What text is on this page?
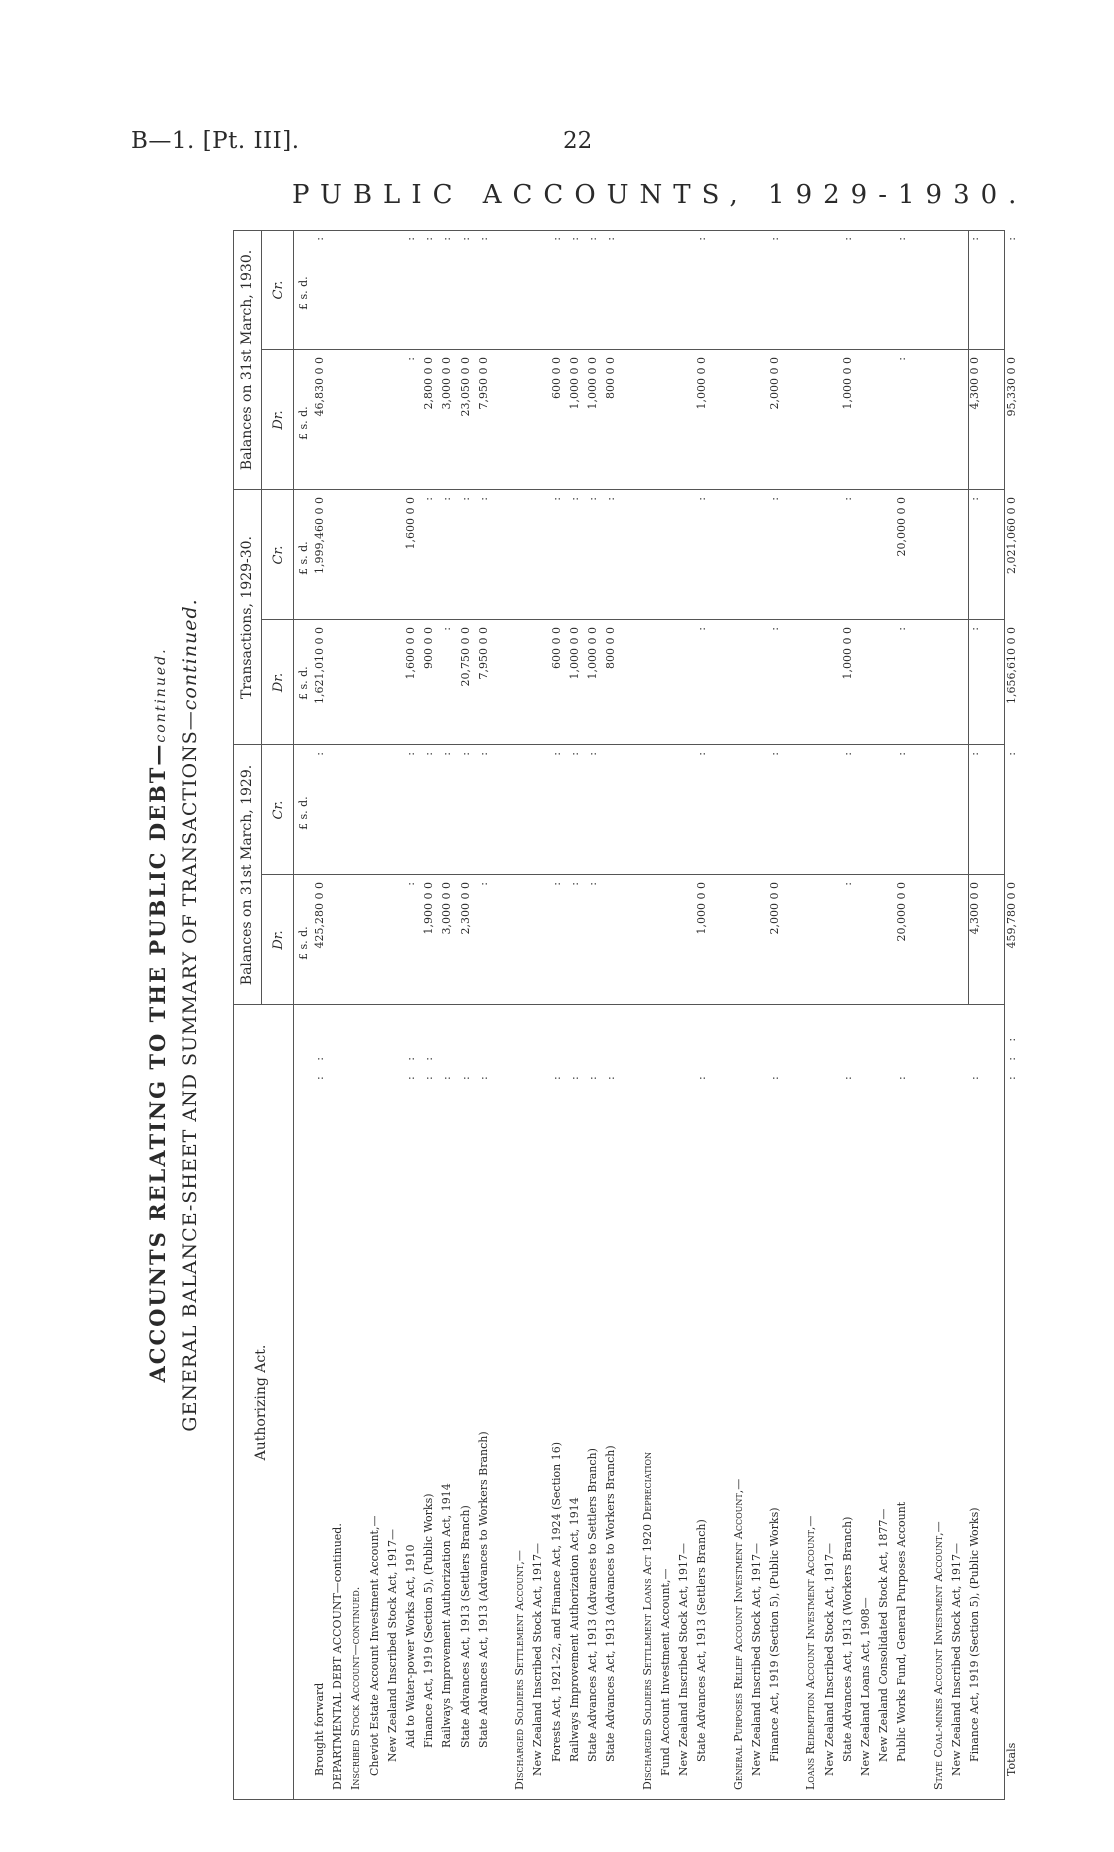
B—1. [Pt. III].	22
PUBLIC ACCOUNTS, 1929-1930.
ACCOUNTS RELATING TO THE PUBLIC DEBT—continued.
GENERAL BALANCE-SHEET AND SUMMARY OF TRANSACTIONS—continued.
Authorizing Act.
Balances on 31st March, 1929.
Transactions, 1929-30.
Balances on 31st March, 1930.
Dr.
Cr.
Dr.
Cr.
Dr.
Cr.
£ s. d.
£ s. d.
£ s. d.
£ s. d.
£ s. d.
£ s. d.
Brought forward
: :
425,280 0 0
:
1,621,010 0 0
1,999,460 0 0
46,830 0 0
:
DEPARTMENTAL DEBT ACCOUNT—continued. Inscribed Stock Account—continued. Cheviot Estate Account Investment Account,— New Zealand Inscribed Stock Act, 1917— Aid to Water-power Works Act, 1910
: :
:
:
1,600 0 0
1,600 0 0
:
:
Finance Act, 1919 (Section 5), (Public Works)
: :
1,900 0 0
:
900 0 0
:
2,800 0 0
:
Railways Improvement Authorization Act, 1914
:
3,000 0 0
:
:
:
3,000 0 0
:
State Advances Act, 1913 (Settlers Branch)
:
2,300 0 0
:
20,750 0 0
:
23,050 0 0
:
State Advances Act, 1913 (Advances to Workers Branch)
:
:
:
7,950 0 0
:
7,950 0 0
:
Discharged Soldiers Settlement Account,— New Zealand Inscribed Stock Act, 1917— Forests Act, 1921-22, and Finance Act, 1924 (Section 16)
:
:
:
600 0 0
:
600 0 0
:
Railways Improvement Authorization Act, 1914
:
:
:
1,000 0 0
:
1,000 0 0
:
State Advances Act, 1913 (Advances to Settlers Branch)
:
:
:
1,000 0 0
:
1,000 0 0
:
State Advances Act, 1913 (Advances to Workers Branch)
:
800 0 0
:
800 0 0
:
Discharged Soldiers Settlement Loans Act 1920 Depreciation Fund Account Investment Account,— New Zealand Inscribed Stock Act, 1917— State Advances Act, 1913 (Settlers Branch)
:
1,000 0 0
:
:
:
1,000 0 0
:
General Purposes Relief Account Investment Account,— New Zealand Inscribed Stock Act, 1917— Finance Act, 1919 (Section 5), (Public Works)
:
2,000 0 0
:
:
:
2,000 0 0
:
Loans Redemption Account Investment Account,— New Zealand Inscribed Stock Act, 1917— State Advances Act, 1913 (Workers Branch)
:
:
:
1,000 0 0
:
1,000 0 0
:
New Zealand Loans Act, 1908— New Zealand Consolidated Stock Act, 1877— Public Works Fund, General Purposes Account
:
20,000 0 0
:
:
20,000 0 0
:
:
State Coal-mines Account Investment Account,— New Zealand Inscribed Stock Act, 1917— Finance Act, 1919 (Section 5), (Public Works)
:
4,300 0 0
:
:
:
4,300 0 0
:
Totals
: : :
459,780 0 0
:
1,656,610 0 0
2,021,060 0 0
95,330 0 0
:
